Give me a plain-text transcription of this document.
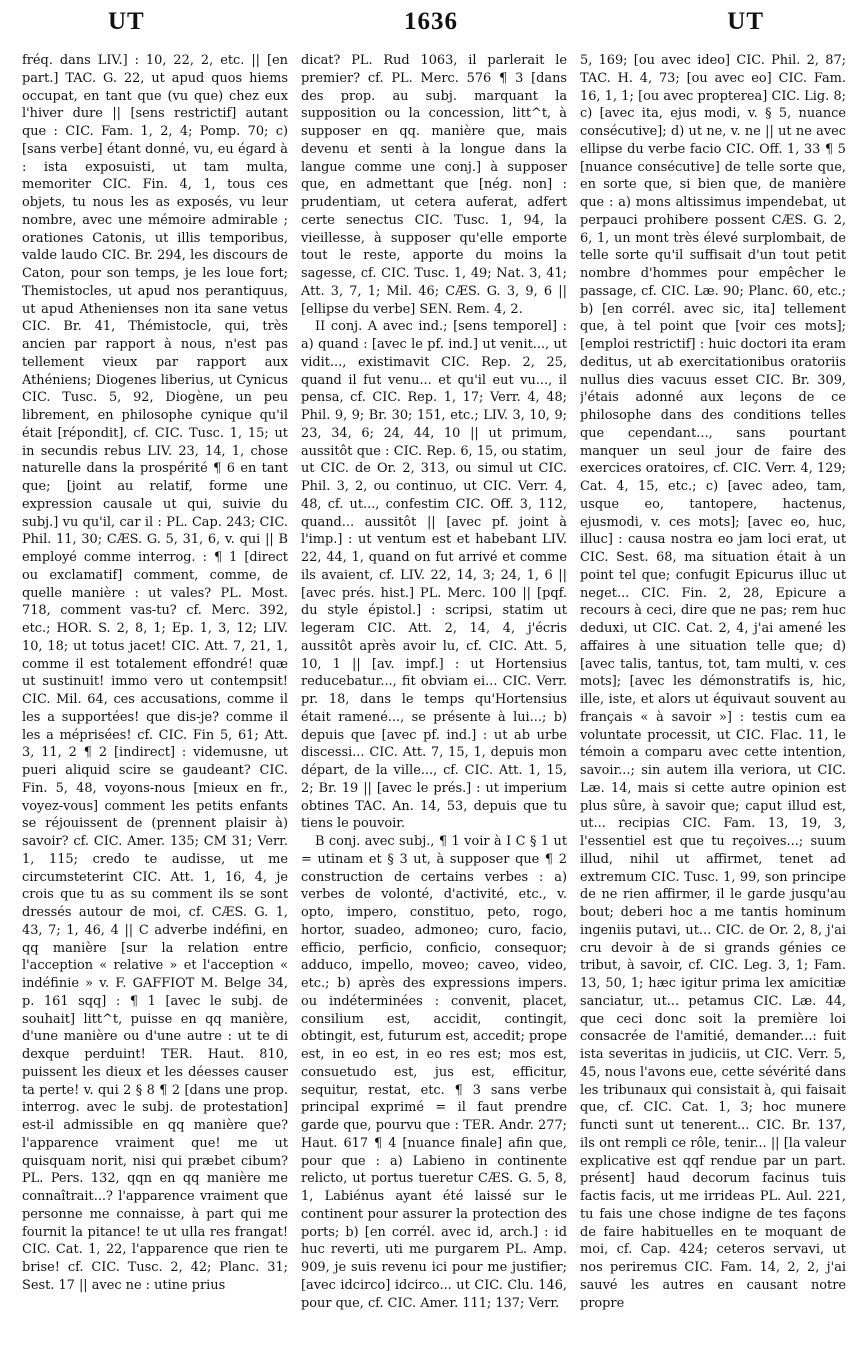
UT	1636	UT

fréq. dans LIV.] : 10, 22, 2, etc. || [en part.] TAC. G. 22, ut apud quos hiems occupat, en tant que (vu que) chez eux l'hiver dure || [sens restrictif] autant que : CIC. Fam. 1, 2, 4; Pomp. 70; c) [sans verbe] étant donné, vu, eu égard à : ista exposuisti, ut tam multa, memoriter CIC. Fin. 4, 1, tous ces objets, tu nous les as exposés, vu leur nombre, avec une mémoire admirable ; orationes Catonis, ut illis temporibus, valde laudo CIC. Br. 294, les discours de Caton, pour son temps, je les loue fort; Themistocles, ut apud nos perantiquus, ut apud Athenienses non ita sane vetus CIC. Br. 41, Thémistocle, qui, très ancien par rapport à nous, n'est pas tellement vieux par rapport aux Athéniens; Diogenes liberius, ut Cynicus CIC. Tusc. 5, 92, Diogène, un peu librement, en philosophe cynique qu'il était [répondit], cf. CIC. Tusc. 1, 15; ut in secundis rebus LIV. 23, 14, 1, chose naturelle dans la prospérité ¶ 6 en tant que; [joint au relatif, forme une expression causale ut qui, suivie du subj.] vu qu'il, car il : PL. Cap. 243; CIC. Phil. 11, 30; CÆS. G. 5, 31, 6, v. qui || B employé comme interrog. : ¶ 1 [direct ou exclamatif] comment, comme, de quelle manière : ut vales? PL. Most. 718, comment vas-tu? cf. Merc. 392, etc.; HOR. S. 2, 8, 1; Ep. 1, 3, 12; LIV. 10, 18; ut totus jacet! CIC. Att. 7, 21, 1, comme il est totalement effondré! quæ ut sustinuit! immo vero ut contempsit! CIC. Mil. 64, ces accusations, comme il les a supportées! que dis-je? comme il les a méprisées! cf. CIC. Fin 5, 61; Att. 3, 11, 2 ¶ 2 [indirect] : videmusne, ut pueri aliquid scire se gaudeant? CIC. Fin. 5, 48, voyons-nous [mieux en fr., voyez-vous] comment les petits enfants se réjouissent de (prennent plaisir à) savoir? cf. CIC. Amer. 135; CM 31; Verr. 1, 115; credo te audisse, ut me circumsteterint CIC. Att. 1, 16, 4, je crois que tu as su comment ils se sont dressés autour de moi, cf. CÆS. G. 1, 43, 7; 1, 46, 4 || C adverbe indéfini, en qq manière [sur la relation entre l'acception « relative » et l'acception « indéfinie » v. F. GAFFIOT M. Belge 34, p. 161 sqq] : ¶ 1 [avec le subj. de souhait] litt^t, puisse en qq manière, d'une manière ou d'une autre : ut te di dexque perduint! TER. Haut. 810, puissent les dieux et les déesses causer ta perte! v. qui 2 § 8 ¶ 2 [dans une prop. interrog. avec le subj. de protestation] est-il admissible en qq manière que? l'apparence vraiment que! me ut quisquam norit, nisi qui præbet cibum? PL. Pers. 132, qqn en qq manière me connaîtrait...? l'apparence vraiment que personne me connaisse, à part qui me fournit la pitance! te ut ulla res frangat! CIC. Cat. 1, 22, l'apparence que rien te brise! cf. CIC. Tusc. 2, 42; Planc. 31; Sest. 17 || avec ne : utine prius

dicat? PL. Rud 1063, il parlerait le premier? cf. PL. Merc. 576 ¶ 3 [dans des prop. au subj. marquant la supposition ou la concession, litt^t, à supposer en qq. manière que, mais devenu et senti à la longue dans la langue comme une conj.] à supposer que, en admettant que [nég. non] : prudentiam, ut cetera auferat, adfert certe senectus CIC. Tusc. 1, 94, la vieillesse, à supposer qu'elle emporte tout le reste, apporte du moins la sagesse, cf. CIC. Tusc. 1, 49; Nat. 3, 41; Att. 3, 7, 1; Mil. 46; CÆS. G. 3, 9, 6 || [ellipse du verbe] SEN. Rem. 4, 2.

II conj. A avec ind.; [sens temporel] : a) quand : [avec le pf. ind.] ut venit..., ut vidit..., existimavit CIC. Rep. 2, 25, quand il fut venu... et qu'il eut vu..., il pensa, cf. CIC. Rep. 1, 17; Verr. 4, 48; Phil. 9, 9; Br. 30; 151, etc.; LIV. 3, 10, 9; 23, 34, 6; 24, 44, 10 || ut primum, aussitôt que : CIC. Rep. 6, 15, ou statim, ut CIC. de Or. 2, 313, ou simul ut CIC. Phil. 3, 2, ou continuo, ut CIC. Verr. 4, 48, cf. ut..., confestim CIC. Off. 3, 112, quand... aussitôt || [avec pf. joint à l'imp.] : ut ventum est et habebant LIV. 22, 44, 1, quand on fut arrivé et comme ils avaient, cf. LIV. 22, 14, 3; 24, 1, 6 || [avec prés. hist.] PL. Merc. 100 || [pqf. du style épistol.] : scripsi, statim ut legeram CIC. Att. 2, 14, 4, j'écris aussitôt après avoir lu, cf. CIC. Att. 5, 10, 1 || [av. impf.] : ut Hortensius reducebatur..., fit obviam ei... CIC. Verr. pr. 18, dans le temps qu'Hortensius était ramené..., se présente à lui...; b) depuis que [avec pf. ind.] : ut ab urbe discessi... CIC. Att. 7, 15, 1, depuis mon départ, de la ville..., cf. CIC. Att. 1, 15, 2; Br. 19 || [avec le prés.] : ut imperium obtines TAC. An. 14, 53, depuis que tu tiens le pouvoir.

B conj. avec subj., ¶ 1 voir à I C § 1 ut = utinam et § 3 ut, à supposer que ¶ 2 construction de certains verbes : a) verbes de volonté, d'activité, etc., v. opto, impero, constituo, peto, rogo, hortor, suadeo, admoneo; curo, facio, efficio, perficio, conficio, consequor; adduco, impello, moveo; caveo, video, etc.; b) après des expressions impers. ou indéterminées : convenit, placet, consilium est, accidit, contingit, obtingit, est, futurum est, accedit; prope est, in eo est, in eo res est; mos est, consuetudo est, jus est, efficitur, sequitur, restat, etc. ¶ 3 sans verbe principal exprimé = il faut prendre garde que, pourvu que : TER. Andr. 277; Haut. 617 ¶ 4 [nuance finale] afin que, pour que : a) Labieno in continente relicto, ut portus tueretur CÆS. G. 5, 8, 1, Labiénus ayant été laissé sur le continent pour assurer la protection des ports; b) [en corrél. avec id, arch.] : id huc reverti, uti me purgarem PL. Amp. 909, je suis revenu ici pour me justifier; [avec idcirco] idcirco... ut CIC. Clu. 146, pour que, cf. CIC. Amer. 111; 137; Verr.

5, 169; [ou avec ideo] CIC. Phil. 2, 87; TAC. H. 4, 73; [ou avec eo] CIC. Fam. 16, 1, 1; [ou avec propterea] CIC. Lig. 8; c) [avec ita, ejus modi, v. § 5, nuance consécutive]; d) ut ne, v. ne || ut ne avec ellipse du verbe facio CIC. Off. 1, 33 ¶ 5 [nuance consécutive] de telle sorte que, en sorte que, si bien que, de manière que : a) mons altissimus impendebat, ut perpauci prohibere possent CÆS. G. 2, 6, 1, un mont très élevé surplombait, de telle sorte qu'il suffisait d'un tout petit nombre d'hommes pour empêcher le passage, cf. CIC. Læ. 90; Planc. 60, etc.; b) [en corrél. avec sic, ita] tellement que, à tel point que [voir ces mots]; [emploi restrictif] : huic doctori ita eram deditus, ut ab exercitationibus oratoriis nullus dies vacuus esset CIC. Br. 309, j'étais adonné aux leçons de ce philosophe dans des conditions telles que cependant..., sans pourtant manquer un seul jour de faire des exercices oratoires, cf. CIC. Verr. 4, 129; Cat. 4, 15, etc.; c) [avec adeo, tam, usque eo, tantopere, hactenus, ejusmodi, v. ces mots]; [avec eo, huc, illuc] : causa nostra eo jam loci erat, ut CIC. Sest. 68, ma situation était à un point tel que; confugit Epicurus illuc ut neget... CIC. Fin. 2, 28, Epicure a recours à ceci, dire que ne pas; rem huc deduxi, ut CIC. Cat. 2, 4, j'ai amené les affaires à une situation telle que; d) [avec talis, tantus, tot, tam multi, v. ces mots]; [avec les démonstratifs is, hic, ille, iste, et alors ut équivaut souvent au français « à savoir »] : testis cum ea voluntate processit, ut CIC. Flac. 11, le témoin a comparu avec cette intention, savoir...; sin autem illa veriora, ut CIC. Læ. 14, mais si cette autre opinion est plus sûre, à savoir que; caput illud est, ut... recipias CIC. Fam. 13, 19, 3, l'essentiel est que tu reçoives...; suum illud, nihil ut affirmet, tenet ad extremum CIC. Tusc. 1, 99, son principe de ne rien affirmer, il le garde jusqu'au bout; deberi hoc a me tantis hominum ingeniis putavi, ut... CIC. de Or. 2, 8, j'ai cru devoir à de si grands génies ce tribut, à savoir, cf. CIC. Leg. 3, 1; Fam. 13, 50, 1; hæc igitur prima lex amicitiæ sanciatur, ut... petamus CIC. Læ. 44, que ceci donc soit la première loi consacrée de l'amitié, demander...: fuit ista severitas in judiciis, ut CIC. Verr. 5, 45, nous l'avons eue, cette sévérité dans les tribunaux qui consistait à, qui faisait que, cf. CIC. Cat. 1, 3; hoc munere functi sunt ut tenerent... CIC. Br. 137, ils ont rempli ce rôle, tenir... || [la valeur explicative est qqf rendue par un part. présent] haud decorum facinus tuis factis facis, ut me irrideas PL. Aul. 221, tu fais une chose indigne de tes façons de faire habituelles en te moquant de moi, cf. Cap. 424; ceteros servavi, ut nos periremus CIC. Fam. 14, 2, 2, j'ai sauvé les autres en causant notre propre
